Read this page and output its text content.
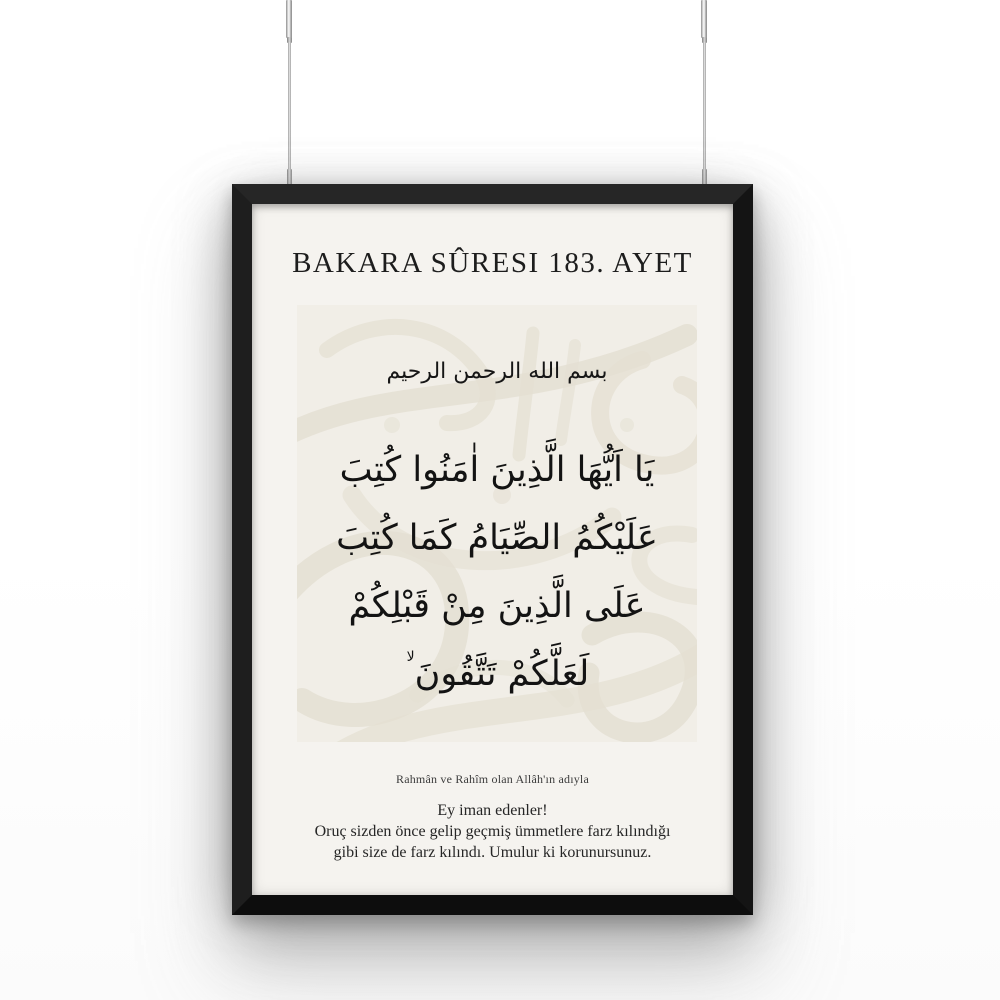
BAKARA SÛRESI 183. AYET
بسم الله الرحمن الرحيم
يَا اَيُّهَا الَّذِينَ اٰمَنُوا كُتِبَ
عَلَيْكُمُ الصِّيَامُ كَمَا كُتِبَ
عَلَى الَّذِينَ مِنْ قَبْلِكُمْ
لَعَلَّكُمْ تَتَّقُونَلا
Rahmân ve Rahîm olan Allâh'ın adıyla
Ey iman edenler!
Oruç sizden önce gelip geçmiş ümmetlere farz kılındığı
gibi size de farz kılındı. Umulur ki korunursunuz.
